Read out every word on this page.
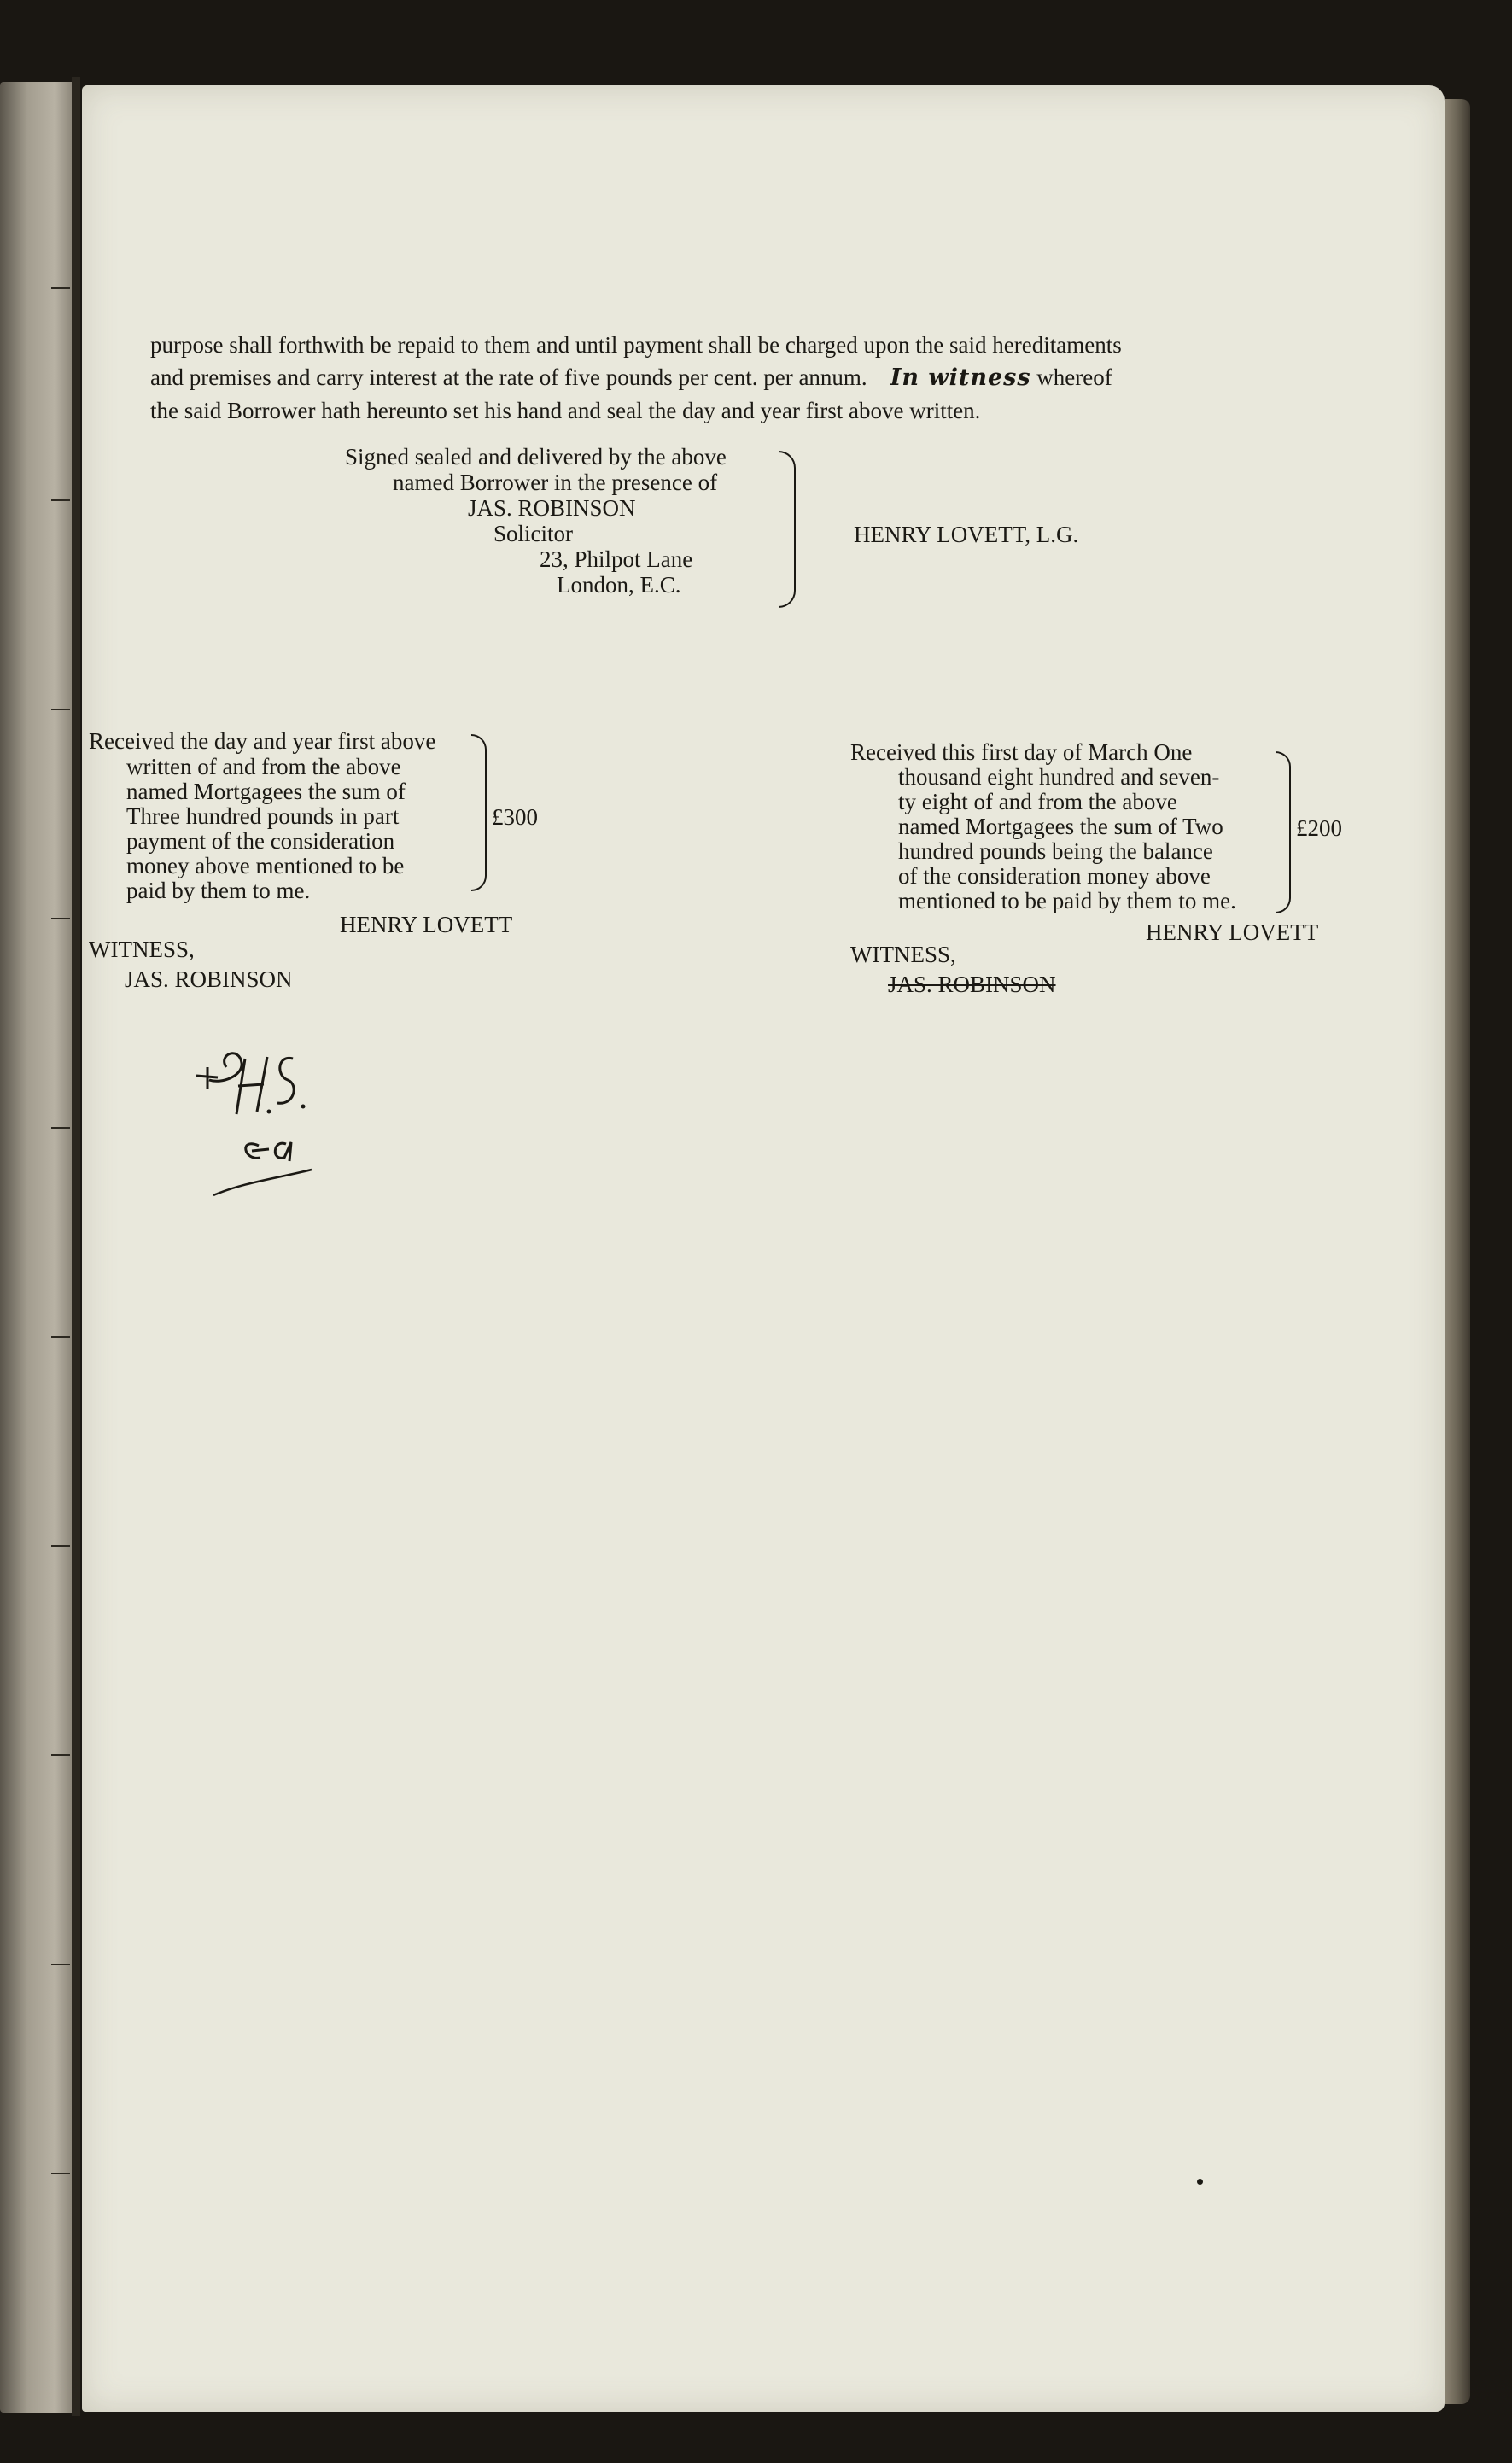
purpose shall forthwith be repaid to them and until payment shall be charged upon the said hereditaments

and premises and carry interest at the rate of five pounds per cent. per annum. In witness whereof

the said Borrower hath hereunto set his hand and seal the day and year first above written.

Signed sealed and delivered by the above

named Borrower in the presence of

JAS. ROBINSON

Solicitor

23, Philpot Lane

London, E.C.

HENRY LOVETT, L.G.

Received the day and year first above

written of and from the above

named Mortgagees the sum of

Three hundred pounds in part

payment of the consideration

money above mentioned to be

paid by them to me.

£300

HENRY LOVETT

WITNESS,

JAS. ROBINSON

Received this first day of March One

thousand eight hundred and seven-

ty eight of and from the above

named Mortgagees the sum of Two

hundred pounds being the balance

of the consideration money above

mentioned to be paid by them to me.

£200

HENRY LOVETT

WITNESS,

JAS. ROBINSON
